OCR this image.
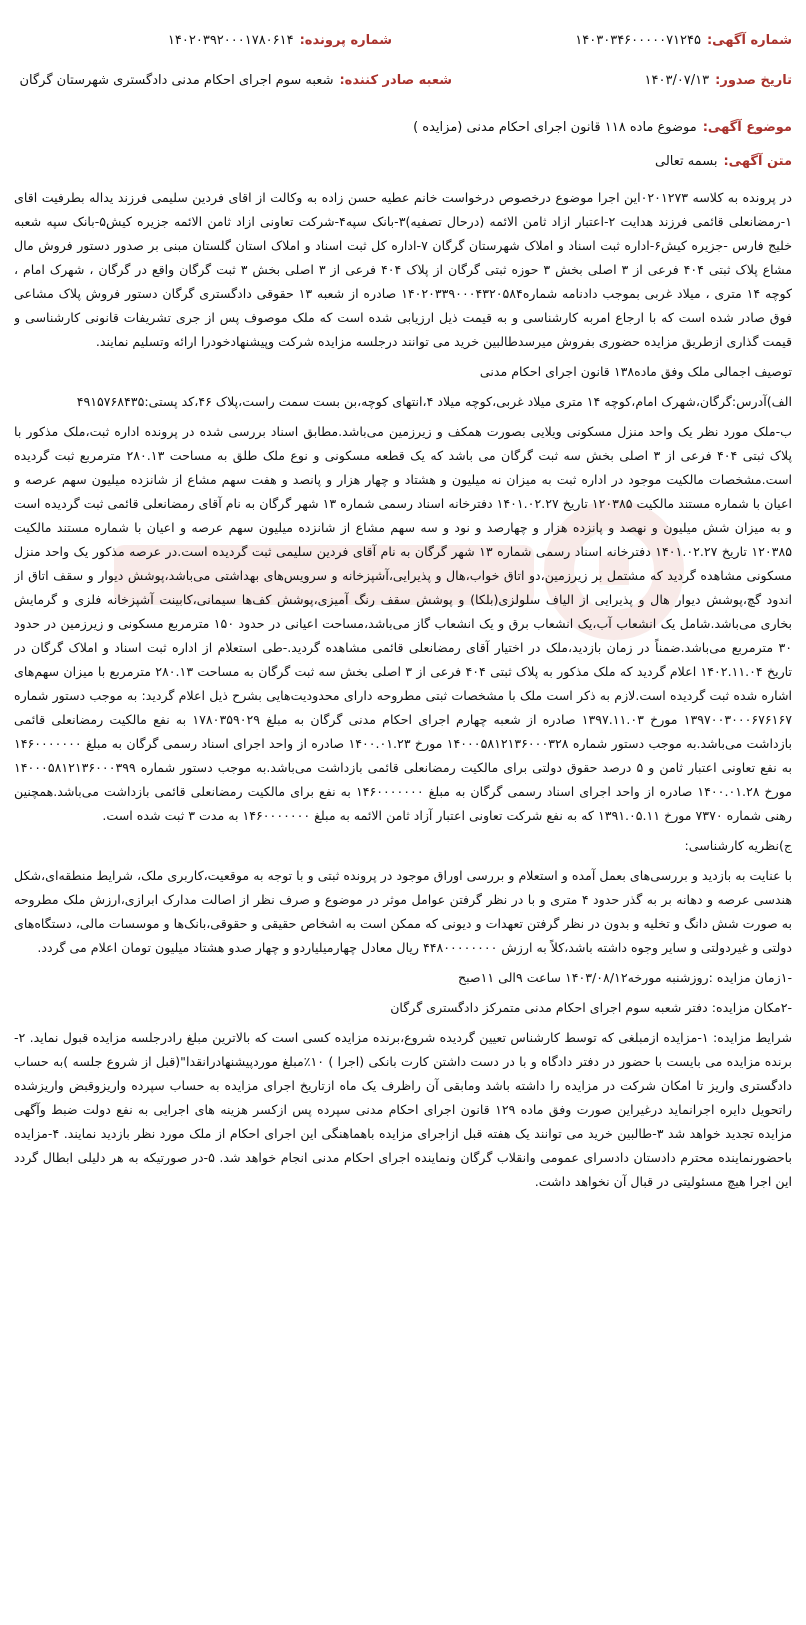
شماره آگهی:
۱۴۰۳۰۳۴۶۰۰۰۰۰۷۱۲۴۵
شماره پرونده:
۱۴۰۲۰۳۹۲۰۰۰۱۷۸۰۶۱۴
تاریخ صدور:
۱۴۰۳/۰۷/۱۳
شعبه صادر کننده:
شعبه سوم اجرای احکام مدنی دادگستری شهرستان گرگان
موضوع آگهی:
موضوع ماده ۱۱۸ قانون اجرای احکام مدنی (مزایده )
متن آگهی:
بسمه تعالی

در پرونده به کلاسه ۰۲۰۱۲۷۳این اجرا موضوع درخصوص درخواست خانم عطیه حسن زاده به وکالت از اقای فردین سلیمی فرزند یداله بطرفیت اقای ۱-رمضانعلی قائمی فرزند هدایت ۲-اعتبار ازاد ثامن الائمه (درحال تصفیه)۳-بانک سپه۴-شرکت تعاونی ازاد ثامن الائمه جزیره کیش۵-بانک سپه شعبه خلیج فارس -جزیره کیش۶-اداره ثبت اسناد و املاک شهرستان گرگان ۷-اداره کل ثبت اسناد و املاک استان گلستان مبنی بر صدور دستور فروش مال مشاع پلاک ثبتی ۴۰۴ فرعی از ۳ اصلی بخش ۳ حوزه ثبتی گرگان از پلاک ۴۰۴ فرعی از ۳ اصلی بخش ۳ ثبت گرگان واقع در گرگان ، شهرک امام ، کوچه ۱۴ متری ، میلاد غربی بموجب دادنامه شماره۱۴۰۲۰۳۳۹۰۰۰۴۳۲۰۵۸۴ صادره از شعبه ۱۳ حقوقی دادگستری گرگان دستور فروش پلاک مشاعی فوق صادر شده است که با ارجاع امربه کارشناسی و به قیمت ذیل ارزیابی شده است که ملک موصوف پس از جری تشریفات قانونی کارشناسی و قیمت گذاری ازطریق مزایده حضوری بفروش میرسدطالبین خرید می توانند درجلسه مزایده شرکت وپیشنهادخودرا ارائه وتسلیم نمایند.

توصیف اجمالی ملک وفق ماده۱۳۸ قانون اجرای احکام مدنی

الف)آدرس:گرگان،شهرک امام،کوچه ۱۴ متری میلاد غربی،کوچه میلاد ۴،انتهای کوچه،بن بست سمت راست،پلاک ۴۶،کد پستی:۴۹۱۵۷۶۸۴۳۵

ب-ملک مورد نظر یک واحد منزل مسکونی ویلایی بصورت همکف و زیرزمین می‌باشد.مطابق اسناد بررسی شده در پرونده اداره ثبت،ملک مذکور با پلاک ثبتی ۴۰۴ فرعی از ۳ اصلی بخش سه ثبت گرگان می باشد که یک قطعه مسکونی و نوع ملک طلق به مساحت ۲۸۰.۱۳ مترمربع ثبت گردیده است.مشخصات مالکیت موجود در اداره ثبت به میزان نه میلیون و هشتاد و چهار هزار و پانصد و هفت سهم مشاع از شانزده میلیون سهم عرصه و اعیان با شماره مستند مالکیت ۱۲۰۳۸۵ تاریخ ۱۴۰۱.۰۲.۲۷ دفترخانه اسناد رسمی شماره ۱۳ شهر گرگان به نام آقای رمضانعلی قائمی ثبت گردیده است و به میزان شش میلیون و نهصد و پانزده هزار و چهارصد و نود و سه سهم مشاع از شانزده میلیون سهم عرصه و اعیان با شماره مستند مالکیت ۱۲۰۳۸۵ تاریخ ۱۴۰۱.۰۲.۲۷ دفترخانه اسناد رسمی شماره ۱۳ شهر گرگان به نام آقای فردین سلیمی ثبت گردیده است.در عرصه مذکور یک واحد منزل مسکونی مشاهده گردید که مشتمل بر زیرزمین،دو اتاق خواب،هال و پذیرایی،آشپزخانه و سرویس‌های بهداشتی می‌باشد،پوشش دیوار و سقف اتاق از اندود گچ،پوشش دیوار هال و پذیرایی از الیاف سلولزی(بلکا) و پوشش سقف رنگ آمیزی،پوشش کف‌ها سیمانی،کابینت آشپزخانه فلزی و گرمایش بخاری می‌باشد.شامل یک انشعاب آب،یک انشعاب برق و یک انشعاب گاز می‌باشد،مساحت اعیانی در حدود ۱۵۰ مترمربع مسکونی و زیرزمین در حدود ۳۰ مترمربع می‌باشد.ضمناً در زمان بازدید،ملک در اختیار آقای رمضانعلی قائمی مشاهده گردید.-طی استعلام از اداره ثبت اسناد و املاک گرگان در تاریخ ۱۴۰۲.۱۱.۰۴ اعلام گردید که ملک مذکور به پلاک ثبتی ۴۰۴ فرعی از ۳ اصلی بخش سه ثبت گرگان به مساحت ۲۸۰.۱۳ مترمربع با میزان سهم‌های اشاره شده ثبت گردیده است.لازم به ذکر است ملک با مشخصات ثبتی مطروحه دارای محدودیت‌هایی بشرح ذیل اعلام گردید: به موجب دستور شماره ۱۳۹۷۰۰۳۰۰۰۶۷۶۱۶۷ مورخ ۱۳۹۷.۱۱.۰۳ صادره از شعبه چهارم اجرای احکام مدنی گرگان به مبلغ ۱۷۸۰۳۵۹۰۲۹ به نفع مالکیت رمضانعلی قائمی بازداشت می‌باشد.به موجب دستور شماره ۱۴۰۰۰۵۸۱۲۱۳۶۰۰۰۳۲۸ مورخ ۱۴۰۰.۰۱.۲۳ صادره از واحد اجرای اسناد رسمی گرگان به مبلغ ۱۴۶۰۰۰۰۰۰۰ به نفع تعاونی اعتبار ثامن و ۵ درصد حقوق دولتی برای مالکیت رمضانعلی قائمی بازداشت می‌باشد.به موجب دستور شماره ۱۴۰۰۰۵۸۱۲۱۳۶۰۰۰۳۹۹ مورخ ۱۴۰۰.۰۱.۲۸ صادره از واحد اجرای اسناد رسمی گرگان به مبلغ ۱۴۶۰۰۰۰۰۰۰ به نفع برای مالکیت رمضانعلی قائمی بازداشت می‌باشد.همچنین رهنی شماره ۷۳۷۰ مورخ ۱۳۹۱.۰۵.۱۱ که به نفع شرکت تعاونی اعتبار آزاد ثامن الائمه به مبلغ ۱۴۶۰۰۰۰۰۰۰ به مدت ۳ ثبت شده است.

ج)نظریه کارشناسی:

با عنایت به بازدید و بررسی‌های بعمل آمده و استعلام و بررسی اوراق موجود در پرونده ثبتی و با توجه به موقعیت،کاربری ملک، شرایط منطقه‌ای،شکل هندسی عرصه و دهانه بر به گذر حدود ۴ متری و با در نظر گرفتن عوامل موثر در موضوع و صرف نظر از اصالت مدارک ابرازی،ارزش ملک مطروحه به صورت شش دانگ و تخلیه و بدون در نظر گرفتن تعهدات و دیونی که ممکن است به اشخاص حقیقی و حقوقی،بانک‌ها و موسسات مالی، دستگاه‌های دولتی و غیردولتی و سایر وجوه داشته باشد،کلاً به ارزش ۴۴۸۰۰۰۰۰۰۰۰ ریال معادل چهارمیلیاردو و چهار صدو هشتاد میلیون تومان اعلام می گردد.

-۱زمان مزایده :روزشنبه مورخه۱۴۰۳/۰۸/۱۲ ساعت ۹الی ۱۱صبح

-۲مکان مزایده: دفتر شعبه سوم اجرای احکام مدنی متمرکز دادگستری گرگان

شرایط مزایده: ۱-مزایده ازمبلغی که توسط کارشناس تعیین گردیده شروع،برنده مزایده کسی است که بالاترین مبلغ رادرجلسه مزایده قبول نماید. ۲-برنده مزایده می بایست با حضور در دفتر دادگاه و با در دست داشتن کارت بانکی (اجرا ) ۱۰٪مبلغ موردپیشنهادرانقدا"(قبل از شروع جلسه )به حساب دادگستری واریز تا امکان شرکت در مزایده را داشته باشد ومابقی آن راظرف یک ماه ازتاریخ اجرای مزایده به حساب سپرده واریزوقبض واریزشده راتحویل دایره اجرانماید درغیراین صورت وفق ماده ۱۲۹ قانون اجرای احکام مدنی سپرده پس ازکسر هزینه های اجرایی به نفع دولت ضبط وآگهی مزایده تجدید خواهد شد ۳-طالبین خرید می توانند یک هفته قبل ازاجرای مزایده باهماهنگی این اجرای احکام از ملک مورد نظر بازدید نمایند. ۴-مزایده باحضورنماینده محترم دادستان دادسرای عمومی وانقلاب گرگان ونماینده اجرای احکام مدنی انجام خواهد شد. ۵-در صورتیکه به هر دلیلی ابطال گردد این اجرا هیچ مسئولیتی در قبال آن نخواهد داشت.
